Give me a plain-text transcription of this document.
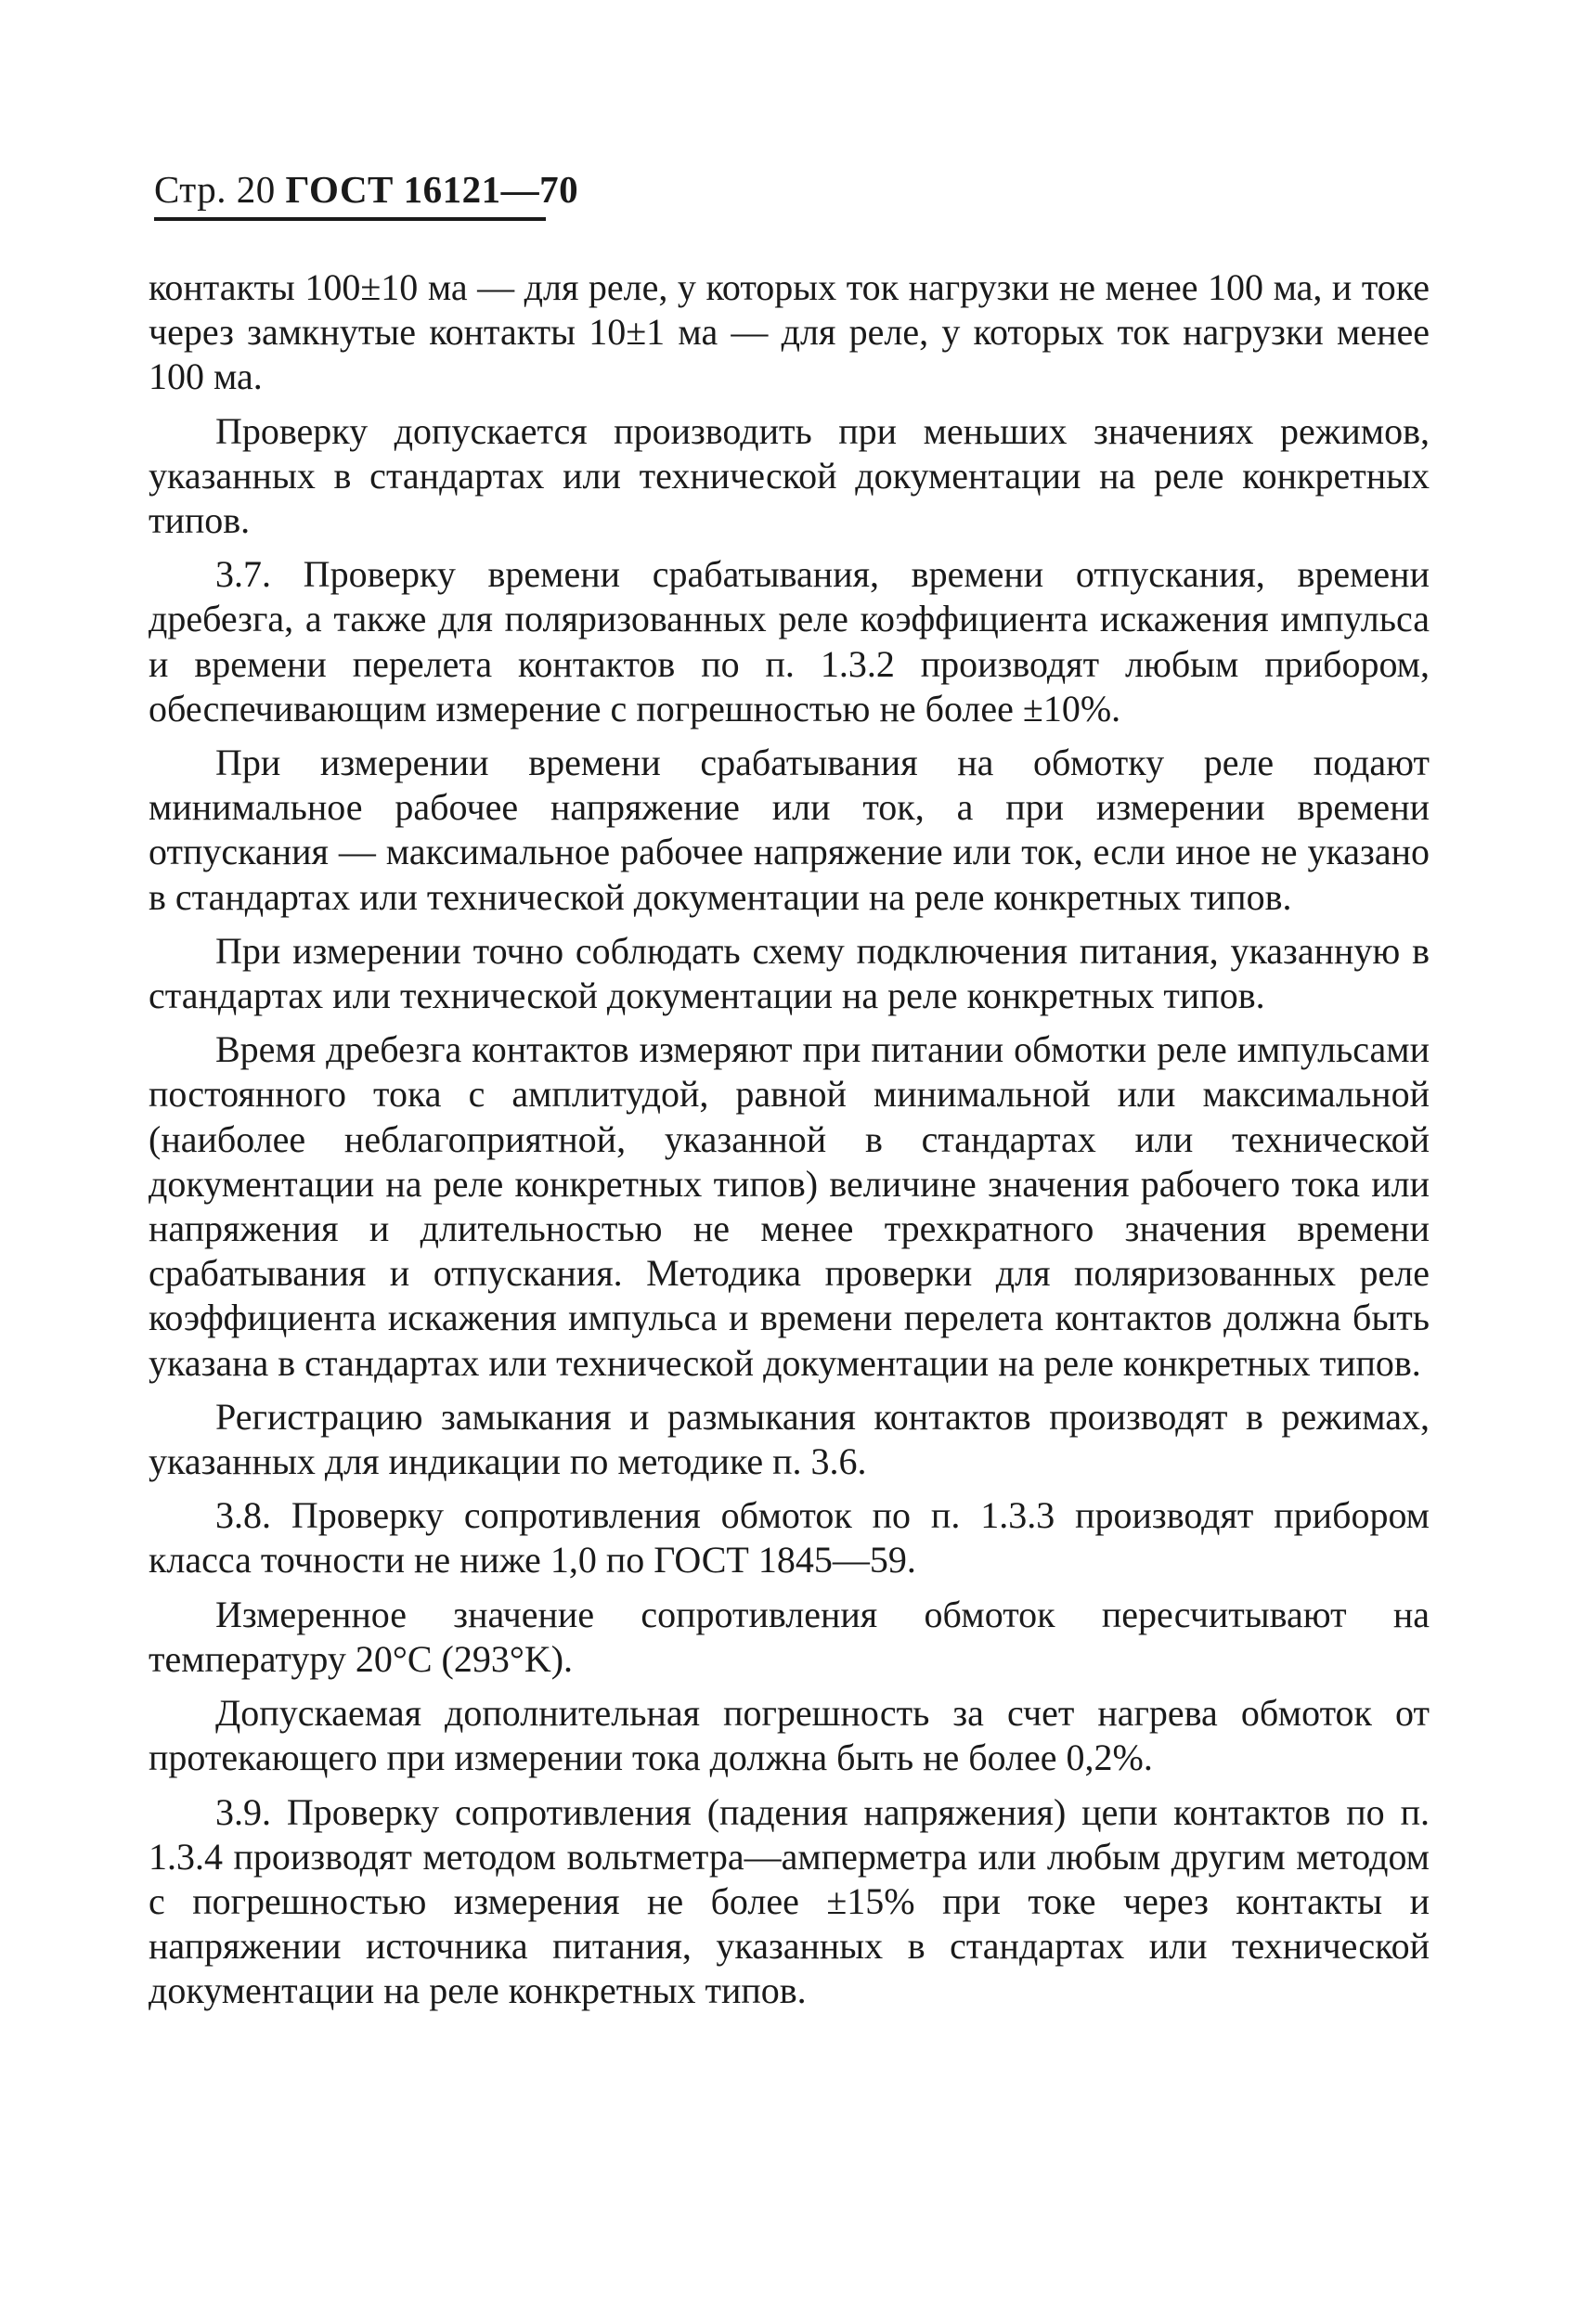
Стр. 20 ГОСТ 16121—70

контакты 100±10 ма — для реле, у которых ток нагрузки не менее 100 ма, и токе через замкнутые контакты 10±1 ма — для реле, у которых ток нагрузки менее 100 ма.

Проверку допускается производить при меньших значениях режимов, указанных в стандартах или технической документации на реле конкретных типов.

3.7. Проверку времени срабатывания, времени отпускания, времени дребезга, а также для поляризованных реле коэффициента искажения импульса и времени перелета контактов по п. 1.3.2 производят любым прибором, обеспечивающим измерение с погрешностью не более ±10%.

При измерении времени срабатывания на обмотку реле подают минимальное рабочее напряжение или ток, а при измерении времени отпускания — максимальное рабочее напряжение или ток, если иное не указано в стандартах или технической документации на реле конкретных типов.

При измерении точно соблюдать схему подключения питания, указанную в стандартах или технической документации на реле конкретных типов.

Время дребезга контактов измеряют при питании обмотки реле импульсами постоянного тока с амплитудой, равной минимальной или максимальной (наиболее неблагоприятной, указанной в стандартах или технической документации на реле конкретных типов) величине значения рабочего тока или напряжения и длительностью не менее трехкратного значения времени срабатывания и отпускания. Методика проверки для поляризованных реле коэффициента искажения импульса и времени перелета контактов должна быть указана в стандартах или технической документации на реле конкретных типов.

Регистрацию замыкания и размыкания контактов производят в режимах, указанных для индикации по методике п. 3.6.

3.8. Проверку сопротивления обмоток по п. 1.3.3 производят прибором класса точности не ниже 1,0 по ГОСТ 1845—59.

Измеренное значение сопротивления обмоток пересчитывают на температуру 20°C (293°K).

Допускаемая дополнительная погрешность за счет нагрева обмоток от протекающего при измерении тока должна быть не более 0,2%.

3.9. Проверку сопротивления (падения напряжения) цепи контактов по п. 1.3.4 производят методом вольтметра—амперметра или любым другим методом с погрешностью измерения не более ±15% при токе через контакты и напряжении источника питания, указанных в стандартах или технической документации на реле конкретных типов.
